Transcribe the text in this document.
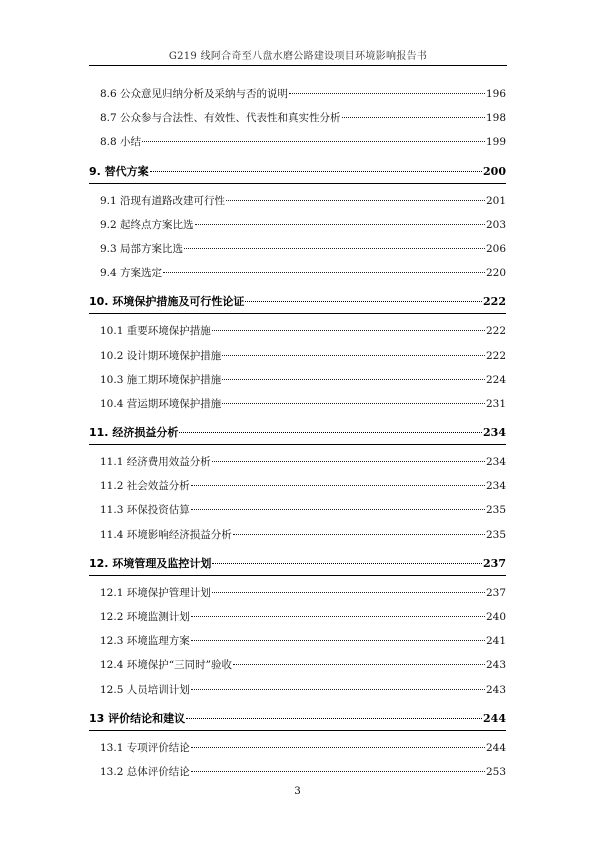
G219 线阿合奇至八盘水磨公路建设项目环境影响报告书
8.6 公众意见归纳分析及采纳与否的说明	196
8.7 公众参与合法性、有效性、代表性和真实性分析	198
8.8 小结	199
9. 替代方案	200
9.1 沿现有道路改建可行性	201
9.2 起终点方案比选	203
9.3 局部方案比选	206
9.4 方案选定	220
10. 环境保护措施及可行性论证	222
10.1 重要环境保护措施	222
10.2 设计期环境保护措施	222
10.3 施工期环境保护措施	224
10.4 营运期环境保护措施	231
11. 经济损益分析	234
11.1 经济费用效益分析	234
11.2 社会效益分析	234
11.3 环保投资估算	235
11.4 环境影响经济损益分析	235
12. 环境管理及监控计划	237
12.1 环境保护管理计划	237
12.2 环境监测计划	240
12.3 环境监理方案	241
12.4 环境保护“三同时”验收	243
12.5 人员培训计划	243
13 评价结论和建议	244
13.1 专项评价结论	244
13.2 总体评价结论	253
3
